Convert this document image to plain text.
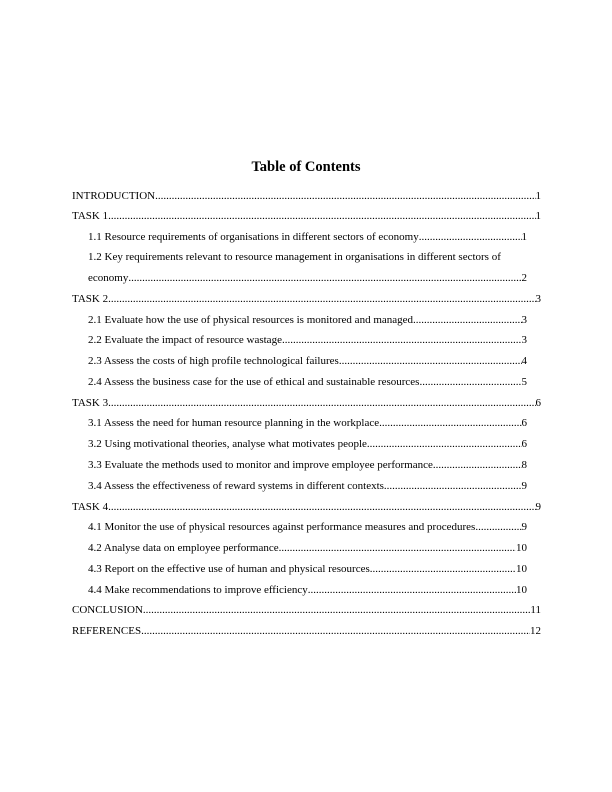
Table of Contents
INTRODUCTION .....	1
TASK 1 .....	1
1.1 Resource requirements of organisations in different sectors of economy .....	1
1.2 Key requirements relevant to resource management in organisations in different sectors of
economy .....	2
TASK 2 .....	3
2.1 Evaluate how the use of physical resources is monitored and managed .....	3
2.2 Evaluate the impact of resource wastage .....	3
2.3 Assess the costs of high profile technological failures .....	4
2.4 Assess the business case for the use of ethical and sustainable resources .....	5
TASK 3 .....	6
3.1 Assess the need for human resource planning in the workplace .....	6
3.2 Using motivational theories, analyse what motivates people .....	6
3.3 Evaluate the methods used to monitor and improve employee performance .....	8
3.4 Assess the effectiveness of reward systems in different contexts .....	9
TASK 4 .....	9
4.1 Monitor the use of physical resources against performance measures and procedures .....	9
4.2 Analyse data on employee performance .....	10
4.3 Report on the effective use of human and physical resources .....	10
4.4 Make recommendations to improve efficiency .....	10
CONCLUSION .....	11
REFERENCES .....	12
